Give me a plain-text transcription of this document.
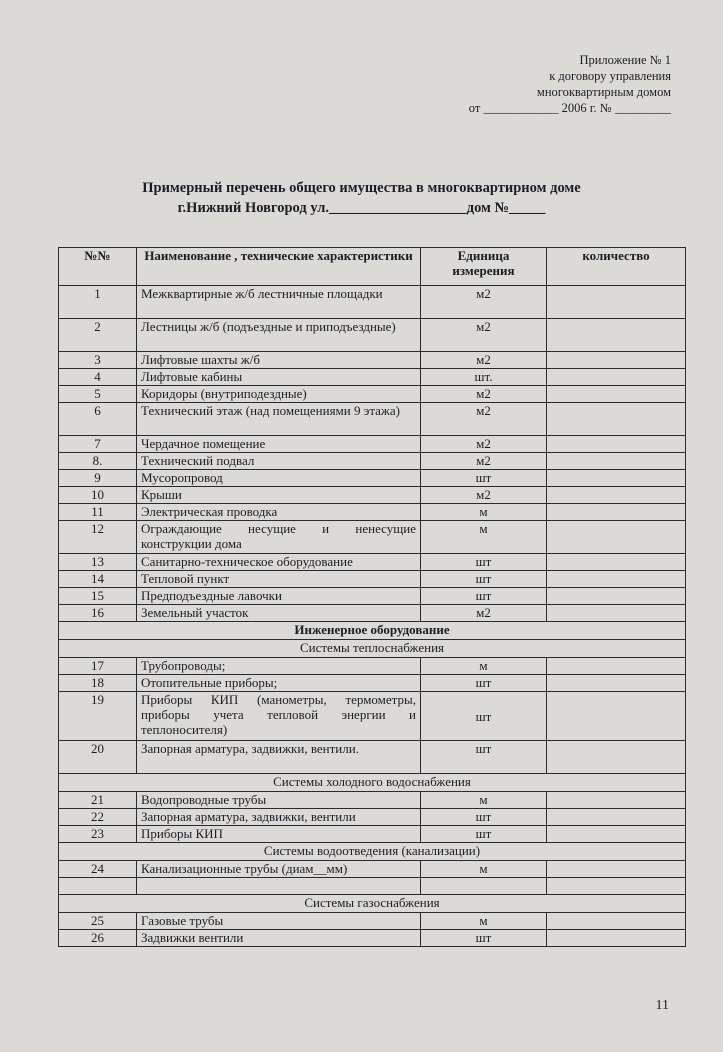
Приложение № 1
к договору управления
многоквартирным домом
от ____________ 2006 г. № _________
Примерный перечень общего имущества в многоквартирном доме
г.Нижний Новгород ул.___________________дом №_____
№№	Наименование , технические характеристики	Единица измерения	количество
1	Межквартирные ж/б лестничные площадки	м2	
2	Лестницы ж/б (подъездные и приподъездные)	м2	
3	Лифтовые шахты ж/б	м2	
4	Лифтовые кабины	шт.	
5	Коридоры (внутриподездные)	м2	
6	Технический этаж (над помещениями 9 этажа)	м2	
7	Чердачное помещение	м2	
8.	Технический подвал	м2	
9	Мусоропровод	шт	
10	Крыши	м2	
11	Электрическая проводка	м	
12	Ограждающие несущие и ненесущие конструкции дома	м	
13	Санитарно-техническое оборудование	шт	
14	Тепловой пункт	шт	
15	Предподъездные лавочки	шт	
16	Земельный участок	м2	
Инженерное оборудование			
Системы теплоснабжения			
17	Трубопроводы;	м	
18	Отопительные приборы;	шт	
19	Приборы КИП (манометры, термометры, приборы учета тепловой энергии и теплоносителя)	шт	
20	Запорная арматура, задвижки, вентили.	шт	
Системы холодного водоснабжения			
21	Водопроводные трубы	м	
22	Запорная арматура, задвижки, вентили	шт	
23	Приборы КИП	шт	
Системы водоотведения (канализации)			
24	Канализационные трубы (диам__мм)	м	

Системы газоснабжения			
25	Газовые трубы	м	
26	Задвижки вентили	шт	
11
